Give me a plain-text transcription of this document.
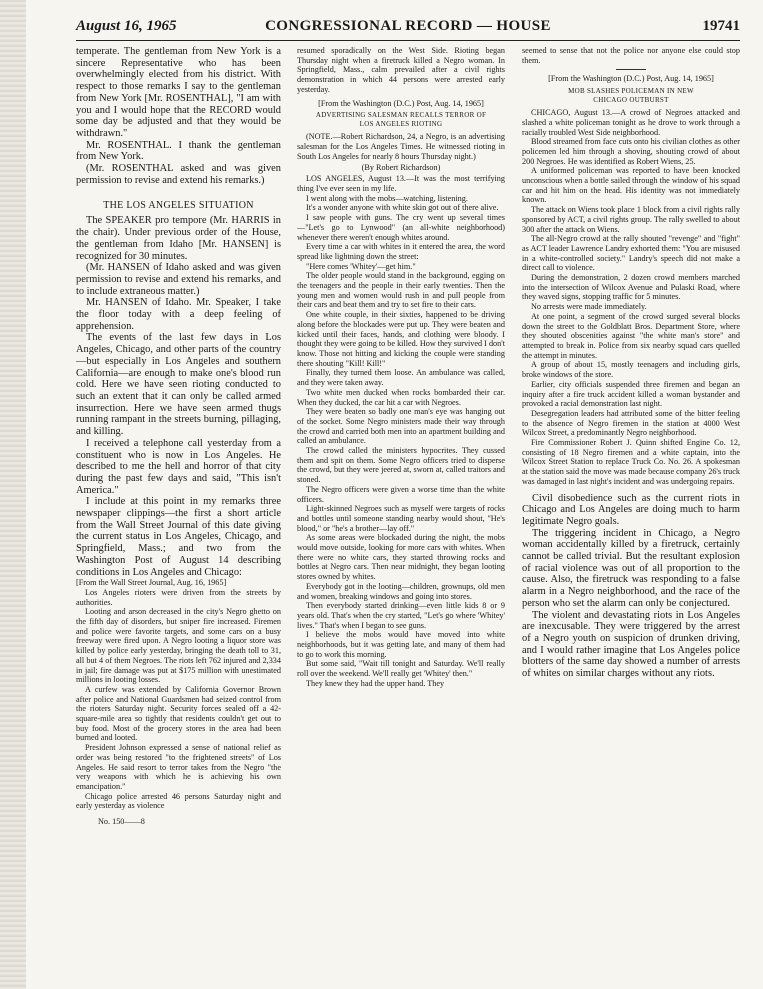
August 16, 1965	CONGRESSIONAL RECORD — HOUSE	19741

temperate. The gentleman from New York is a sincere Representative who has been overwhelmingly elected from his district. With respect to those remarks I say to the gentleman from New York [Mr. ROSENTHAL], "I am with you and I would hope that the RECORD would some day be adjusted and that they would be withdrawn."

Mr. ROSENTHAL. I thank the gentleman from New York.

(Mr. ROSENTHAL asked and was given permission to revise and extend his remarks.)

THE LOS ANGELES SITUATION

The SPEAKER pro tempore (Mr. HARRIS in the chair). Under previous order of the House, the gentleman from Idaho [Mr. HANSEN] is recognized for 30 minutes.

(Mr. HANSEN of Idaho asked and was given permission to revise and extend his remarks, and to include extraneous matter.)

Mr. HANSEN of Idaho. Mr. Speaker, I take the floor today with a deep feeling of apprehension.

The events of the last few days in Los Angeles, Chicago, and other parts of the country—but especially in Los Angeles and southern California—are enough to make one's blood run cold. Here we have seen rioting conducted to such an extent that it can only be called armed insurrection. Here we have seen armed thugs running rampant in the streets burning, pillaging, and killing.

I received a telephone call yesterday from a constituent who is now in Los Angeles. He described to me the hell and horror of that city during the past few days and said, "This isn't America."

I include at this point in my remarks three newspaper clippings—the first a short article from the Wall Street Journal of this date giving the current status in Los Angeles, Chicago, and Springfield, Mass.; and two from the Washington Post of August 14 describing conditions in Los Angeles and Chicago:

[From the Wall Street Journal, Aug. 16, 1965]

Los Angeles rioters were driven from the streets by authorities.

Looting and arson decreased in the city's Negro ghetto on the fifth day of disorders, but sniper fire increased. Firemen and police were favorite targets, and some cars on a busy freeway were fired upon. A Negro looting a liquor store was killed by police early yesterday, bringing the death toll to 31, all but 4 of them Negroes. The riots left 762 injured and 2,334 in jail; fire damage was put at $175 million with unestimated millions in looting losses.

A curfew was extended by California Governor Brown after police and National Guardsmen had seized control from the rioters Saturday night. Security forces sealed off a 42-square-mile area so tightly that residents couldn't get out to buy food. Most of the grocery stores in the area had been burned and looted.

President Johnson expressed a sense of national relief as order was being restored "to the frightened streets" of Los Angeles. He said resort to terror takes from the Negro "the very weapons with which he is achieving his own emancipation."

Chicago police arrested 46 persons Saturday night and early yesterday as violence

No. 150——8

resumed sporadically on the West Side. Rioting began Thursday night when a firetruck killed a Negro woman. In Springfield, Mass., calm prevailed after a civil rights demonstration in which 44 persons were arrested early yesterday.

[From the Washington (D.C.) Post, Aug. 14, 1965]
ADVERTISING SALESMAN RECALLS TERROR OF
LOS ANGELES RIOTING

(NOTE.—Robert Richardson, 24, a Negro, is an advertising salesman for the Los Angeles Times. He witnessed rioting in South Los Angeles for nearly 8 hours Thursday night.)

(By Robert Richardson)

LOS ANGELES, August 13.—It was the most terrifying thing I've ever seen in my life.

I went along with the mobs—watching, listening.

It's a wonder anyone with white skin got out of there alive.

I saw people with guns. The cry went up several times—"Let's go to Lynwood" (an all-white neighborhood) whenever there weren't enough whites around.

Every time a car with whites in it entered the area, the word spread like lightning down the street:

"Here comes 'Whitey'—get him."

The older people would stand in the background, egging on the teenagers and the people in their early twenties. Then the young men and women would rush in and pull people from their cars and beat them and try to set fire to their cars.

One white couple, in their sixties, happened to be driving along before the blockades were put up. They were beaten and kicked until their faces, hands, and clothing were bloody. I thought they were going to be killed. How they survived I don't know. Those not hitting and kicking the couple were standing there shouting "Kill! Kill!"

Finally, they turned them loose. An ambulance was called, and they were taken away.

Two white men ducked when rocks bombarded their car. When they ducked, the car hit a car with Negroes.

They were beaten so badly one man's eye was hanging out of the socket. Some Negro ministers made their way through the crowd and carried both men into an apartment building and called an ambulance.

The crowd called the ministers hypocrites. They cussed them and spit on them. Some Negro officers tried to disperse the crowd, but they were jeered at, sworn at, called traitors and stoned.

The Negro officers were given a worse time than the white officers.

Light-skinned Negroes such as myself were targets of rocks and bottles until someone standing nearby would shout, "He's blood," or "he's a brother—lay off."

As some areas were blockaded during the night, the mobs would move outside, looking for more cars with whites. When there were no white cars, they started throwing rocks and bottles at Negro cars. Then near midnight, they began looting stores owned by whites.

Everybody got in the looting—children, grownups, old men and women, breaking windows and going into stores.

Then everybody started drinking—even little kids 8 or 9 years old. That's when the cry started, "Let's go where 'Whitey' lives." That's when I began to see guns.

I believe the mobs would have moved into white neighborhoods, but it was getting late, and many of them had to go to work this morning.

But some said, "Wait till tonight and Saturday. We'll really roll over the weekend. We'll really get 'Whitey' then."

They knew they had the upper hand. They

seemed to sense that not the police nor anyone else could stop them.

[From the Washington (D.C.) Post, Aug. 14, 1965]
MOB SLASHES POLICEMAN IN NEW
CHICAGO OUTBURST

CHICAGO, August 13.—A crowd of Negroes attacked and slashed a white policeman tonight as he drove to work through a racially troubled West Side neighborhood.

Blood streamed from face cuts onto his civilian clothes as other policemen led him through a shoving, shouting crowd of about 200 Negroes. He was identified as Robert Wiens, 25.

A uniformed policeman was reported to have been knocked unconscious when a bottle sailed through the window of his squad car and hit him on the head. His identity was not immediately known.

The attack on Wiens took place 1 block from a civil rights rally sponsored by ACT, a civil rights group. The rally swelled to about 300 after the attack on Wiens.

The all-Negro crowd at the rally shouted "revenge" and "fight" as ACT leader Lawrence Landry exhorted them: "You are misused in a white-controlled society." Landry's speech did not make a direct call to violence.

During the demonstration, 2 dozen crowd members marched into the intersection of Wilcox Avenue and Pulaski Road, where they waved signs, stopping traffic for 5 minutes.

No arrests were made immediately.

At one point, a segment of the crowd surged several blocks down the street to the Goldblatt Bros. Department Store, where they shouted obscenities against "the white man's store" and attempted to break in. Police from six nearby squad cars quelled the attempt in minutes.

A group of about 15, mostly teenagers and including girls, broke windows of the store.

Earlier, city officials suspended three firemen and began an inquiry after a fire truck accident killed a woman bystander and provoked a racial demonstration last night.

Desegregation leaders had attributed some of the bitter feeling to the absence of Negro firemen in the station at 4000 West Wilcox Street, a predominantly Negro neighborhood.

Fire Commissioner Robert J. Quinn shifted Engine Co. 12, consisting of 18 Negro firemen and a white captain, into the Wilcox Street Station to replace Truck Co. No. 26. A spokesman at the station said the move was made because company 26's truck was damaged in last night's incident and was undergoing repairs.

Civil disobedience such as the current riots in Chicago and Los Angeles are doing much to harm legitimate Negro goals.

The triggering incident in Chicago, a Negro woman accidentally killed by a firetruck, certainly cannot be called trivial. But the resultant explosion of racial violence was out of all proportion to the cause. Also, the firetruck was responding to a false alarm in a Negro neighborhood, and the race of the person who set the alarm can only be conjectured.

The violent and devastating riots in Los Angeles are inexcusable. They were triggered by the arrest of a Negro youth on suspicion of drunken driving, and I would rather imagine that Los Angeles police blotters of the same day showed a number of arrests of whites on similar charges without any riots.
